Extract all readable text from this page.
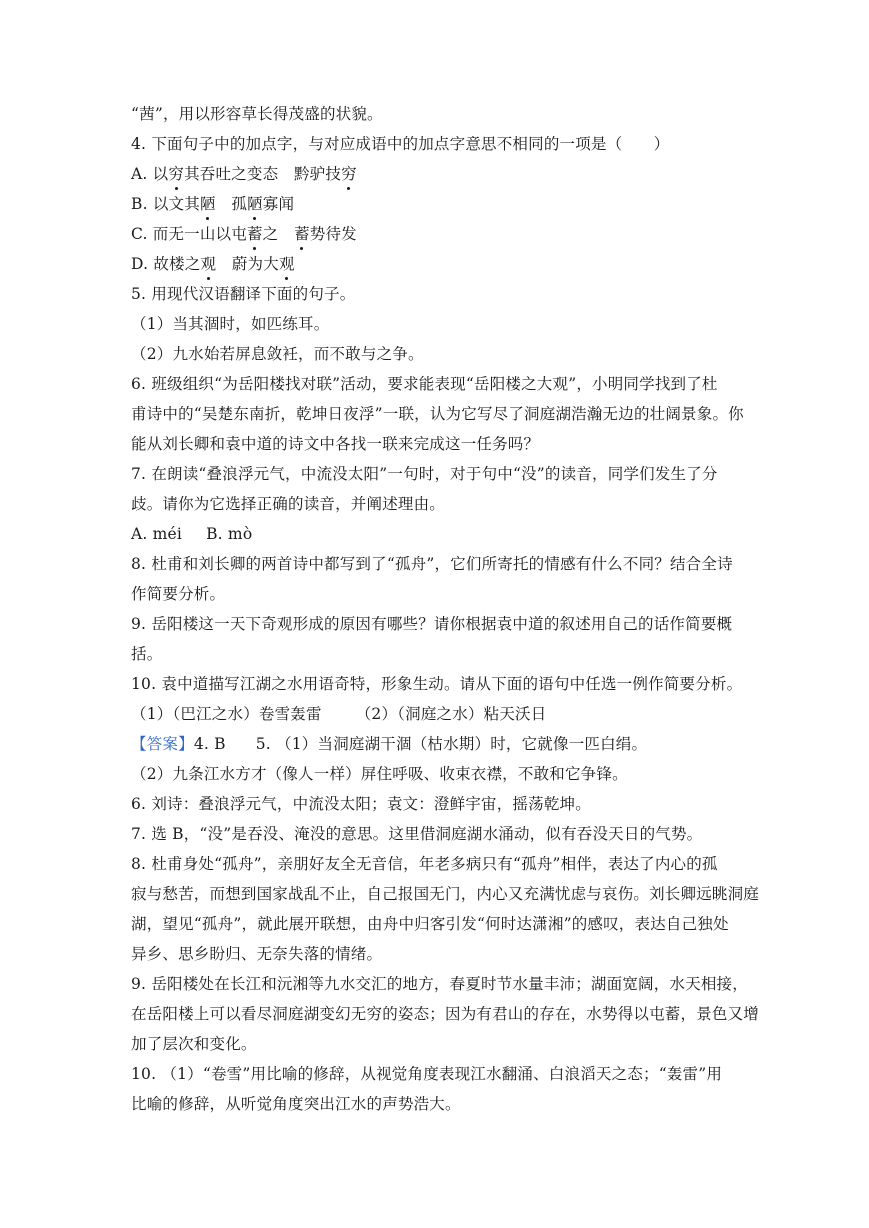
“茜”，用以形容草长得茂盛的状貌。
4. 下面句子中的加点字，与对应成语中的加点字意思不相同的一项是（　　）
A. 以穷其吞吐之变态　黔驴技穷
B. 以文其陋　孤陋寡闻
C. 而无一山以屯蓄之　蓄势待发
D. 故楼之观　蔚为大观
5. 用现代汉语翻译下面的句子。
（1）当其涸时，如匹练耳。
（2）九水始若屏息敛衽，而不敢与之争。
6. 班级组织“为岳阳楼找对联”活动，要求能表现“岳阳楼之大观”，小明同学找到了杜
甫诗中的“吴楚东南折，乾坤日夜浮”一联，认为它写尽了洞庭湖浩瀚无边的壮阔景象。你
能从刘长卿和袁中道的诗文中各找一联来完成这一任务吗？
7. 在朗读“叠浪浮元气，中流没太阳”一句时，对于句中“没”的读音，同学们发生了分
歧。请你为它选择正确的读音，并阐述理由。
A. méi B. mò
8. 杜甫和刘长卿的两首诗中都写到了“孤舟”，它们所寄托的情感有什么不同？结合全诗
作简要分析。
9. 岳阳楼这一天下奇观形成的原因有哪些？请你根据袁中道的叙述用自己的话作简要概
括。
10. 袁中道描写江湖之水用语奇特，形象生动。请从下面的语句中任选一例作简要分析。
（1）（巴江之水）卷雪轰雷 （2）（洞庭之水）粘天沃日
【答案】4. B 5. （1）当洞庭湖干涸（枯水期）时，它就像一匹白绢。
（2）九条江水方才（像人一样）屏住呼吸、收束衣襟，不敢和它争锋。
6. 刘诗：叠浪浮元气，中流没太阳；袁文：澄鲜宇宙，摇荡乾坤。
7. 选 B，“没”是吞没、淹没的意思。这里借洞庭湖水涌动，似有吞没天日的气势。
8. 杜甫身处“孤舟”，亲朋好友全无音信，年老多病只有“孤舟”相伴，表达了内心的孤
寂与愁苦，而想到国家战乱不止，自己报国无门，内心又充满忧虑与哀伤。刘长卿远眺洞庭
湖，望见“孤舟”，就此展开联想，由舟中归客引发“何时达潇湘”的感叹，表达自己独处
异乡、思乡盼归、无奈失落的情绪。
9. 岳阳楼处在长江和沅湘等九水交汇的地方，春夏时节水量丰沛；湖面宽阔，水天相接，
在岳阳楼上可以看尽洞庭湖变幻无穷的姿态；因为有君山的存在，水势得以屯蓄，景色又增
加了层次和变化。
10. （1）“卷雪”用比喻的修辞，从视觉角度表现江水翻涌、白浪滔天之态；“轰雷”用
比喻的修辞，从听觉角度突出江水的声势浩大。
